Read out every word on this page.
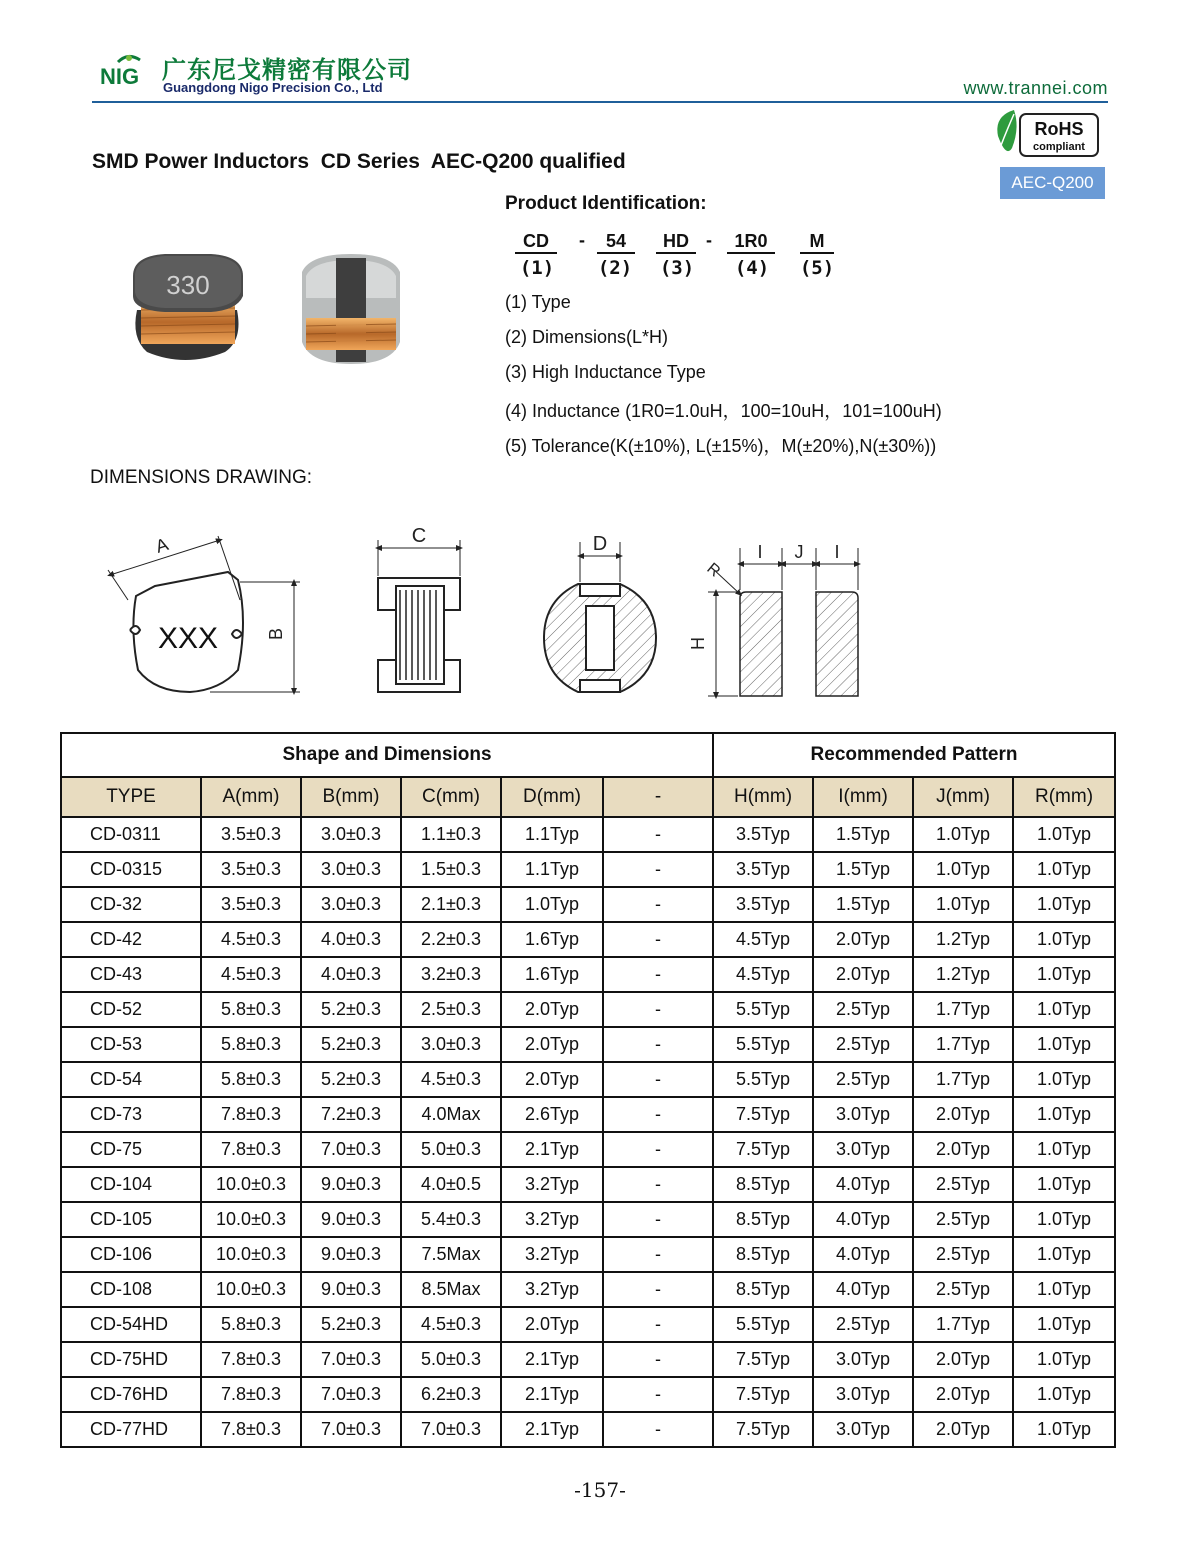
NIG 广东尼戈精密有限公司
Guangdong Nigo Precision Co., Ltd	www.trannei.com
RoHS
compliant
AEC-Q200
SMD Power Inductors  CD Series  AEC-Q200 qualified
330
Product Identification:
CD	-	54	HD -	1R0	M
(1)	(2)	(3)	(4)	(5)
(1) Type
(2) Dimensions(L*H)
(3) High Inductance Type
(4) Inductance (1R0=1.0uH，100=10uH，101=100uH)
(5) Tolerance(K(±10%), L(±15%)，M(±20%),N(±30%))
DIMENSIONS DRAWING:
A
B
XXX
C	D	I J I
R
H
Shape and Dimensions						Recommended Pattern			
TYPE	A(mm)	B(mm)	C(mm)	D(mm)	-	H(mm)	I(mm)	J(mm)	R(mm)
CD-0311	3.5±0.3	3.0±0.3	1.1±0.3	1.1Typ	-	3.5Typ	1.5Typ	1.0Typ	1.0Typ
CD-0315	3.5±0.3	3.0±0.3	1.5±0.3	1.1Typ	-	3.5Typ	1.5Typ	1.0Typ	1.0Typ
CD-32	3.5±0.3	3.0±0.3	2.1±0.3	1.0Typ	-	3.5Typ	1.5Typ	1.0Typ	1.0Typ
CD-42	4.5±0.3	4.0±0.3	2.2±0.3	1.6Typ	-	4.5Typ	2.0Typ	1.2Typ	1.0Typ
CD-43	4.5±0.3	4.0±0.3	3.2±0.3	1.6Typ	-	4.5Typ	2.0Typ	1.2Typ	1.0Typ
CD-52	5.8±0.3	5.2±0.3	2.5±0.3	2.0Typ	-	5.5Typ	2.5Typ	1.7Typ	1.0Typ
CD-53	5.8±0.3	5.2±0.3	3.0±0.3	2.0Typ	-	5.5Typ	2.5Typ	1.7Typ	1.0Typ
CD-54	5.8±0.3	5.2±0.3	4.5±0.3	2.0Typ	-	5.5Typ	2.5Typ	1.7Typ	1.0Typ
CD-73	7.8±0.3	7.2±0.3	4.0Max	2.6Typ	-	7.5Typ	3.0Typ	2.0Typ	1.0Typ
CD-75	7.8±0.3	7.0±0.3	5.0±0.3	2.1Typ	-	7.5Typ	3.0Typ	2.0Typ	1.0Typ
CD-104	10.0±0.3	9.0±0.3	4.0±0.5	3.2Typ	-	8.5Typ	4.0Typ	2.5Typ	1.0Typ
CD-105	10.0±0.3	9.0±0.3	5.4±0.3	3.2Typ	-	8.5Typ	4.0Typ	2.5Typ	1.0Typ
CD-106	10.0±0.3	9.0±0.3	7.5Max	3.2Typ	-	8.5Typ	4.0Typ	2.5Typ	1.0Typ
CD-108	10.0±0.3	9.0±0.3	8.5Max	3.2Typ	-	8.5Typ	4.0Typ	2.5Typ	1.0Typ
CD-54HD	5.8±0.3	5.2±0.3	4.5±0.3	2.0Typ	-	5.5Typ	2.5Typ	1.7Typ	1.0Typ
CD-75HD	7.8±0.3	7.0±0.3	5.0±0.3	2.1Typ	-	7.5Typ	3.0Typ	2.0Typ	1.0Typ
CD-76HD	7.8±0.3	7.0±0.3	6.2±0.3	2.1Typ	-	7.5Typ	3.0Typ	2.0Typ	1.0Typ
CD-77HD	7.8±0.3	7.0±0.3	7.0±0.3	2.1Typ	-	7.5Typ	3.0Typ	2.0Typ	1.0Typ
-157-
